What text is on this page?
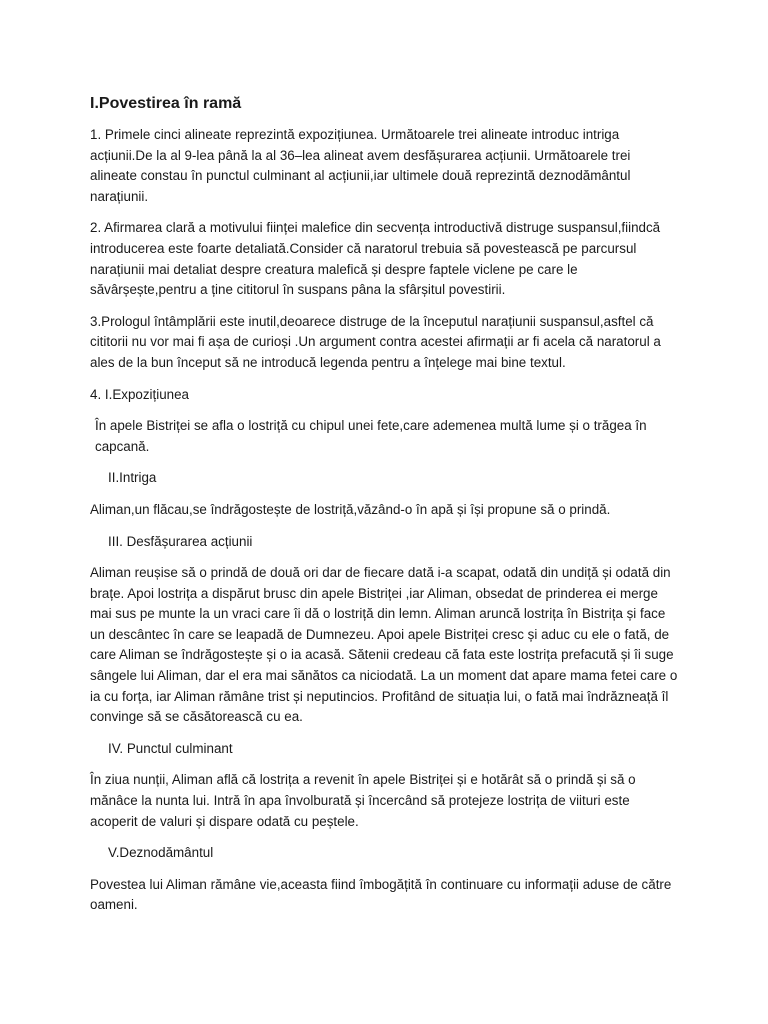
I.Povestirea în ramă

1. Primele cinci alineate reprezintă expozițiunea. Următoarele trei alineate introduc intriga acțiunii.De la al 9-lea până la al 36–lea alineat avem desfășurarea acțiunii. Următoarele trei alineate constau în punctul culminant al acțiunii,iar ultimele două reprezintă deznodământul narațiunii.

2. Afirmarea clară a motivului ființei malefice din secvența introductivă distruge suspansul,fiindcă introducerea este foarte detaliată.Consider că naratorul trebuia să povestească pe parcursul narațiunii mai detaliat despre creatura malefică și despre faptele viclene pe care le săvârșește,pentru a ține cititorul în suspans pâna la sfârșitul povestirii.

3.Prologul întâmplării este inutil,deoarece distruge de la începutul narațiunii suspansul,asftel că cititorii nu vor mai fi așa de curioși .Un argument contra acestei afirmații ar fi acela că naratorul a ales de la bun început să ne introducă legenda pentru a înțelege mai bine textul.

4. I.Expozițiunea

În apele Bistriței se afla o lostriță cu chipul unei fete,care ademenea multă lume și o trăgea în capcană.

II.Intriga

Aliman,un flăcau,se îndrăgostește de lostriță,văzând-o în apă și își propune să o prindă.

III. Desfășurarea acțiunii

Aliman reușise să o prindă de două ori dar de fiecare dată i-a scapat, odată din undiță și odată din brațe. Apoi lostrița a dispărut brusc din apele Bistriței ,iar Aliman, obsedat de prinderea ei merge mai sus pe munte la un vraci care îi dă o lostriță din lemn. Aliman aruncă lostrița în Bistrița și face un descântec în care se leapadă de Dumnezeu. Apoi apele Bistriței cresc și aduc cu ele o fată, de care Aliman se îndrăgostește și o ia acasă. Sătenii credeau că fata este lostrița prefacută și îi suge sângele lui Aliman, dar el era mai sănătos ca niciodată. La un moment dat apare mama fetei care o ia cu forța, iar Aliman rămâne trist și neputincios. Profitând de situația lui, o fată mai îndrăzneață îl convinge să se căsătorească cu ea.

IV. Punctul culminant

În ziua nunții, Aliman află că lostrița a revenit în apele Bistriței și e hotărât să o prindă și să o mănâce la nunta lui. Intră în apa învolburată și încercând să protejeze lostrița de viituri este acoperit de valuri și dispare odată cu peștele.

V.Deznodământul

Povestea lui Aliman rămâne vie,aceasta fiind îmbogățită în continuare cu informații aduse de către oameni.
